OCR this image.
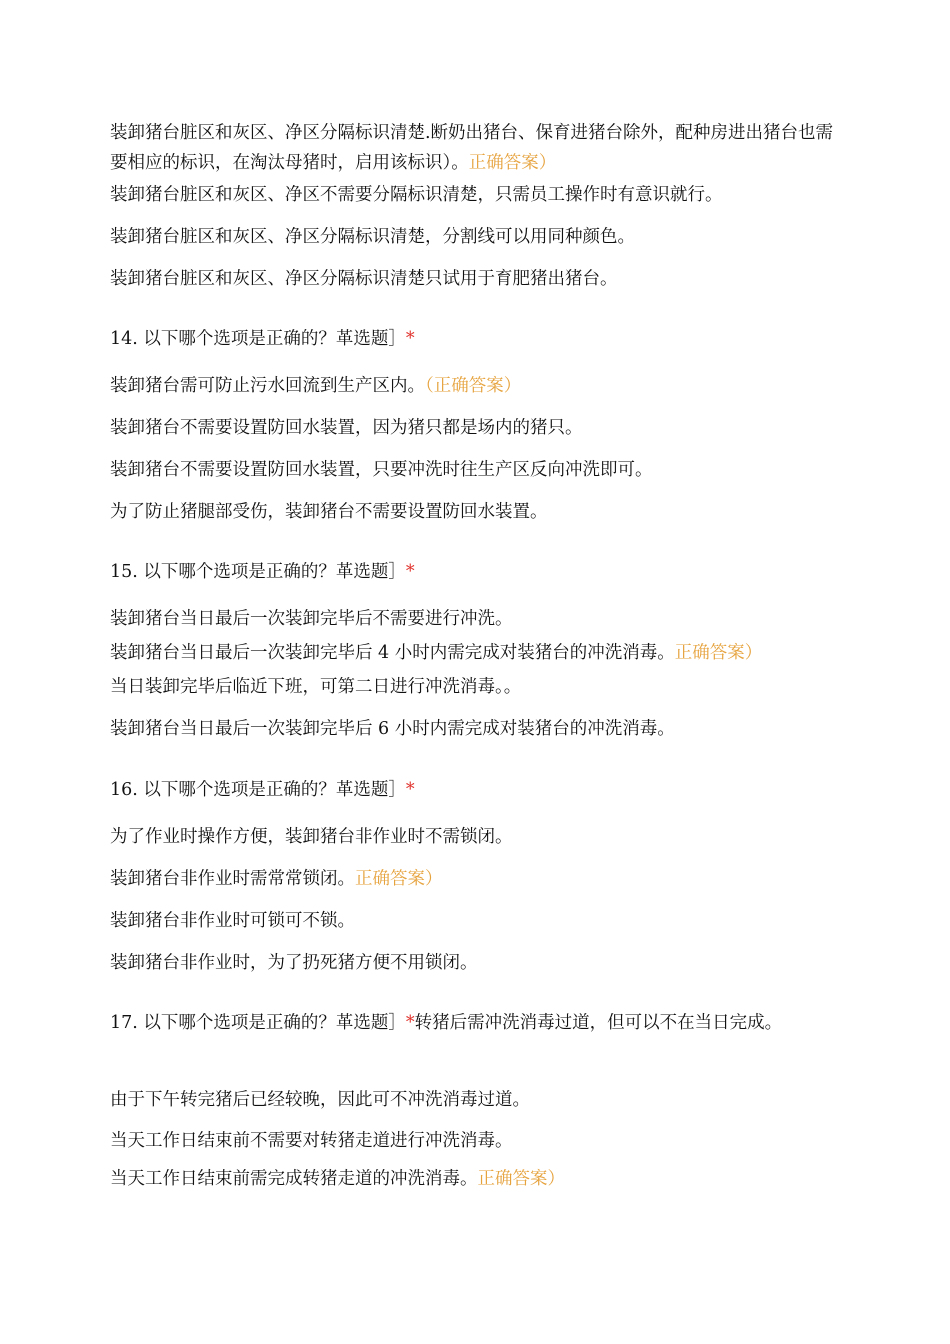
装卸猪台脏区和灰区、净区分隔标识清楚.断奶出猪台、保育进猪台除外，配种房进出猪台也需要相应的标识，在淘汰母猪时，启用该标识）。正确答案）
装卸猪台脏区和灰区、净区不需要分隔标识清楚，只需员工操作时有意识就行。
装卸猪台脏区和灰区、净区分隔标识清楚，分割线可以用同种颜色。
装卸猪台脏区和灰区、净区分隔标识清楚只试用于育肥猪出猪台。
14. 以下哪个选项是正确的？革选题］*
装卸猪台需可防止污水回流到生产区内。（正确答案）
装卸猪台不需要设置防回水装置，因为猪只都是场内的猪只。
装卸猪台不需要设置防回水装置，只要冲洗时往生产区反向冲洗即可。
为了防止猪腿部受伤，装卸猪台不需要设置防回水装置。
15. 以下哪个选项是正确的？革选题］*
装卸猪台当日最后一次装卸完毕后不需要进行冲洗。
装卸猪台当日最后一次装卸完毕后 4 小时内需完成对装猪台的冲洗消毒。正确答案）
当日装卸完毕后临近下班，可第二日进行冲洗消毒。。
装卸猪台当日最后一次装卸完毕后 6 小时内需完成对装猪台的冲洗消毒。
16. 以下哪个选项是正确的？革选题］*
为了作业时操作方便，装卸猪台非作业时不需锁闭。
装卸猪台非作业时需常常锁闭。正确答案）
装卸猪台非作业时可锁可不锁。
装卸猪台非作业时，为了扔死猪方便不用锁闭。
17. 以下哪个选项是正确的？革选题］*转猪后需冲洗消毒过道，但可以不在当日完成。
由于下午转完猪后已经较晚，因此可不冲洗消毒过道。
当天工作日结束前不需要对转猪走道进行冲洗消毒。
当天工作日结束前需完成转猪走道的冲洗消毒。正确答案）
